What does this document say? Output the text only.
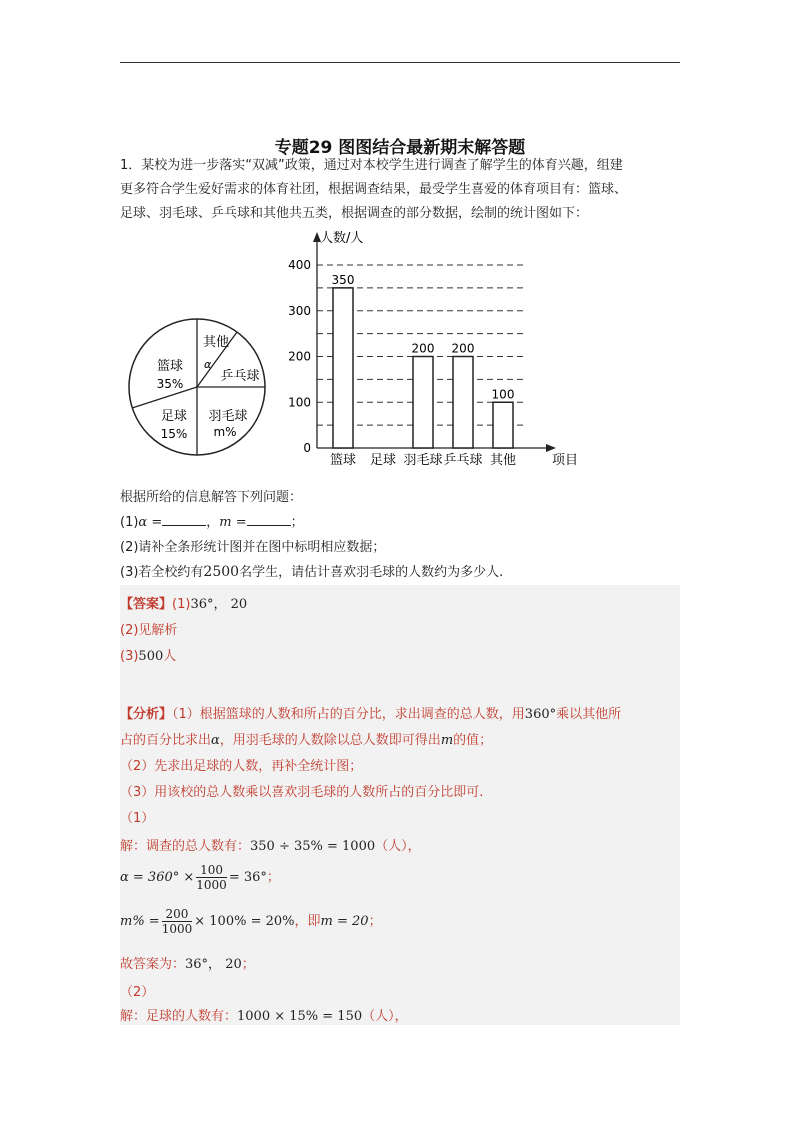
专题29 图图结合最新期末解答题
1．某校为进一步落实“双减”政策，通过对本校学生进行调查了解学生的体育兴趣，组建
更多符合学生爱好需求的体育社团，根据调查结果，最受学生喜爱的体育项目有：篮球、
足球、羽毛球、乒乓球和其他共五类，根据调查的部分数据，绘制的统计图如下：
篮球
35%
足球
15%
羽毛球
m%
乒乓球
其他
α
人数/人
项目
0
100
200
300
400
350
200 200
100
篮球 足球 羽毛球 乒乓球 其他
根据所给的信息解答下列问题：
(1)α =	，m =	；
(2)请补全条形统计图并在图中标明相应数据；
(3)若全校约有2500名学生，请估计喜欢羽毛球的人数约为多少人.
【答案】(1)36°， 20
(2)见解析
(3)500人
【分析】（1）根据篮球的人数和所占的百分比，求出调查的总人数，用360°乘以其他所
占的百分比求出α，用羽毛球的人数除以总人数即可得出m的值；
（2）先求出足球的人数，再补全统计图；
（3）用该校的总人数乘以喜欢羽毛球的人数所占的百分比即可.
（1）
解：调查的总人数有：350 ÷ 35% = 1000（人），
$\alpha = 360^\circ \times \frac{100}{1000} = 36^\circ$；
$m\% = \frac{200}{1000} \times 100\% = 20\%$，即m = 20；
故答案为：36°， 20；
（2）
解：足球的人数有：1000 × 15% = 150（人），
